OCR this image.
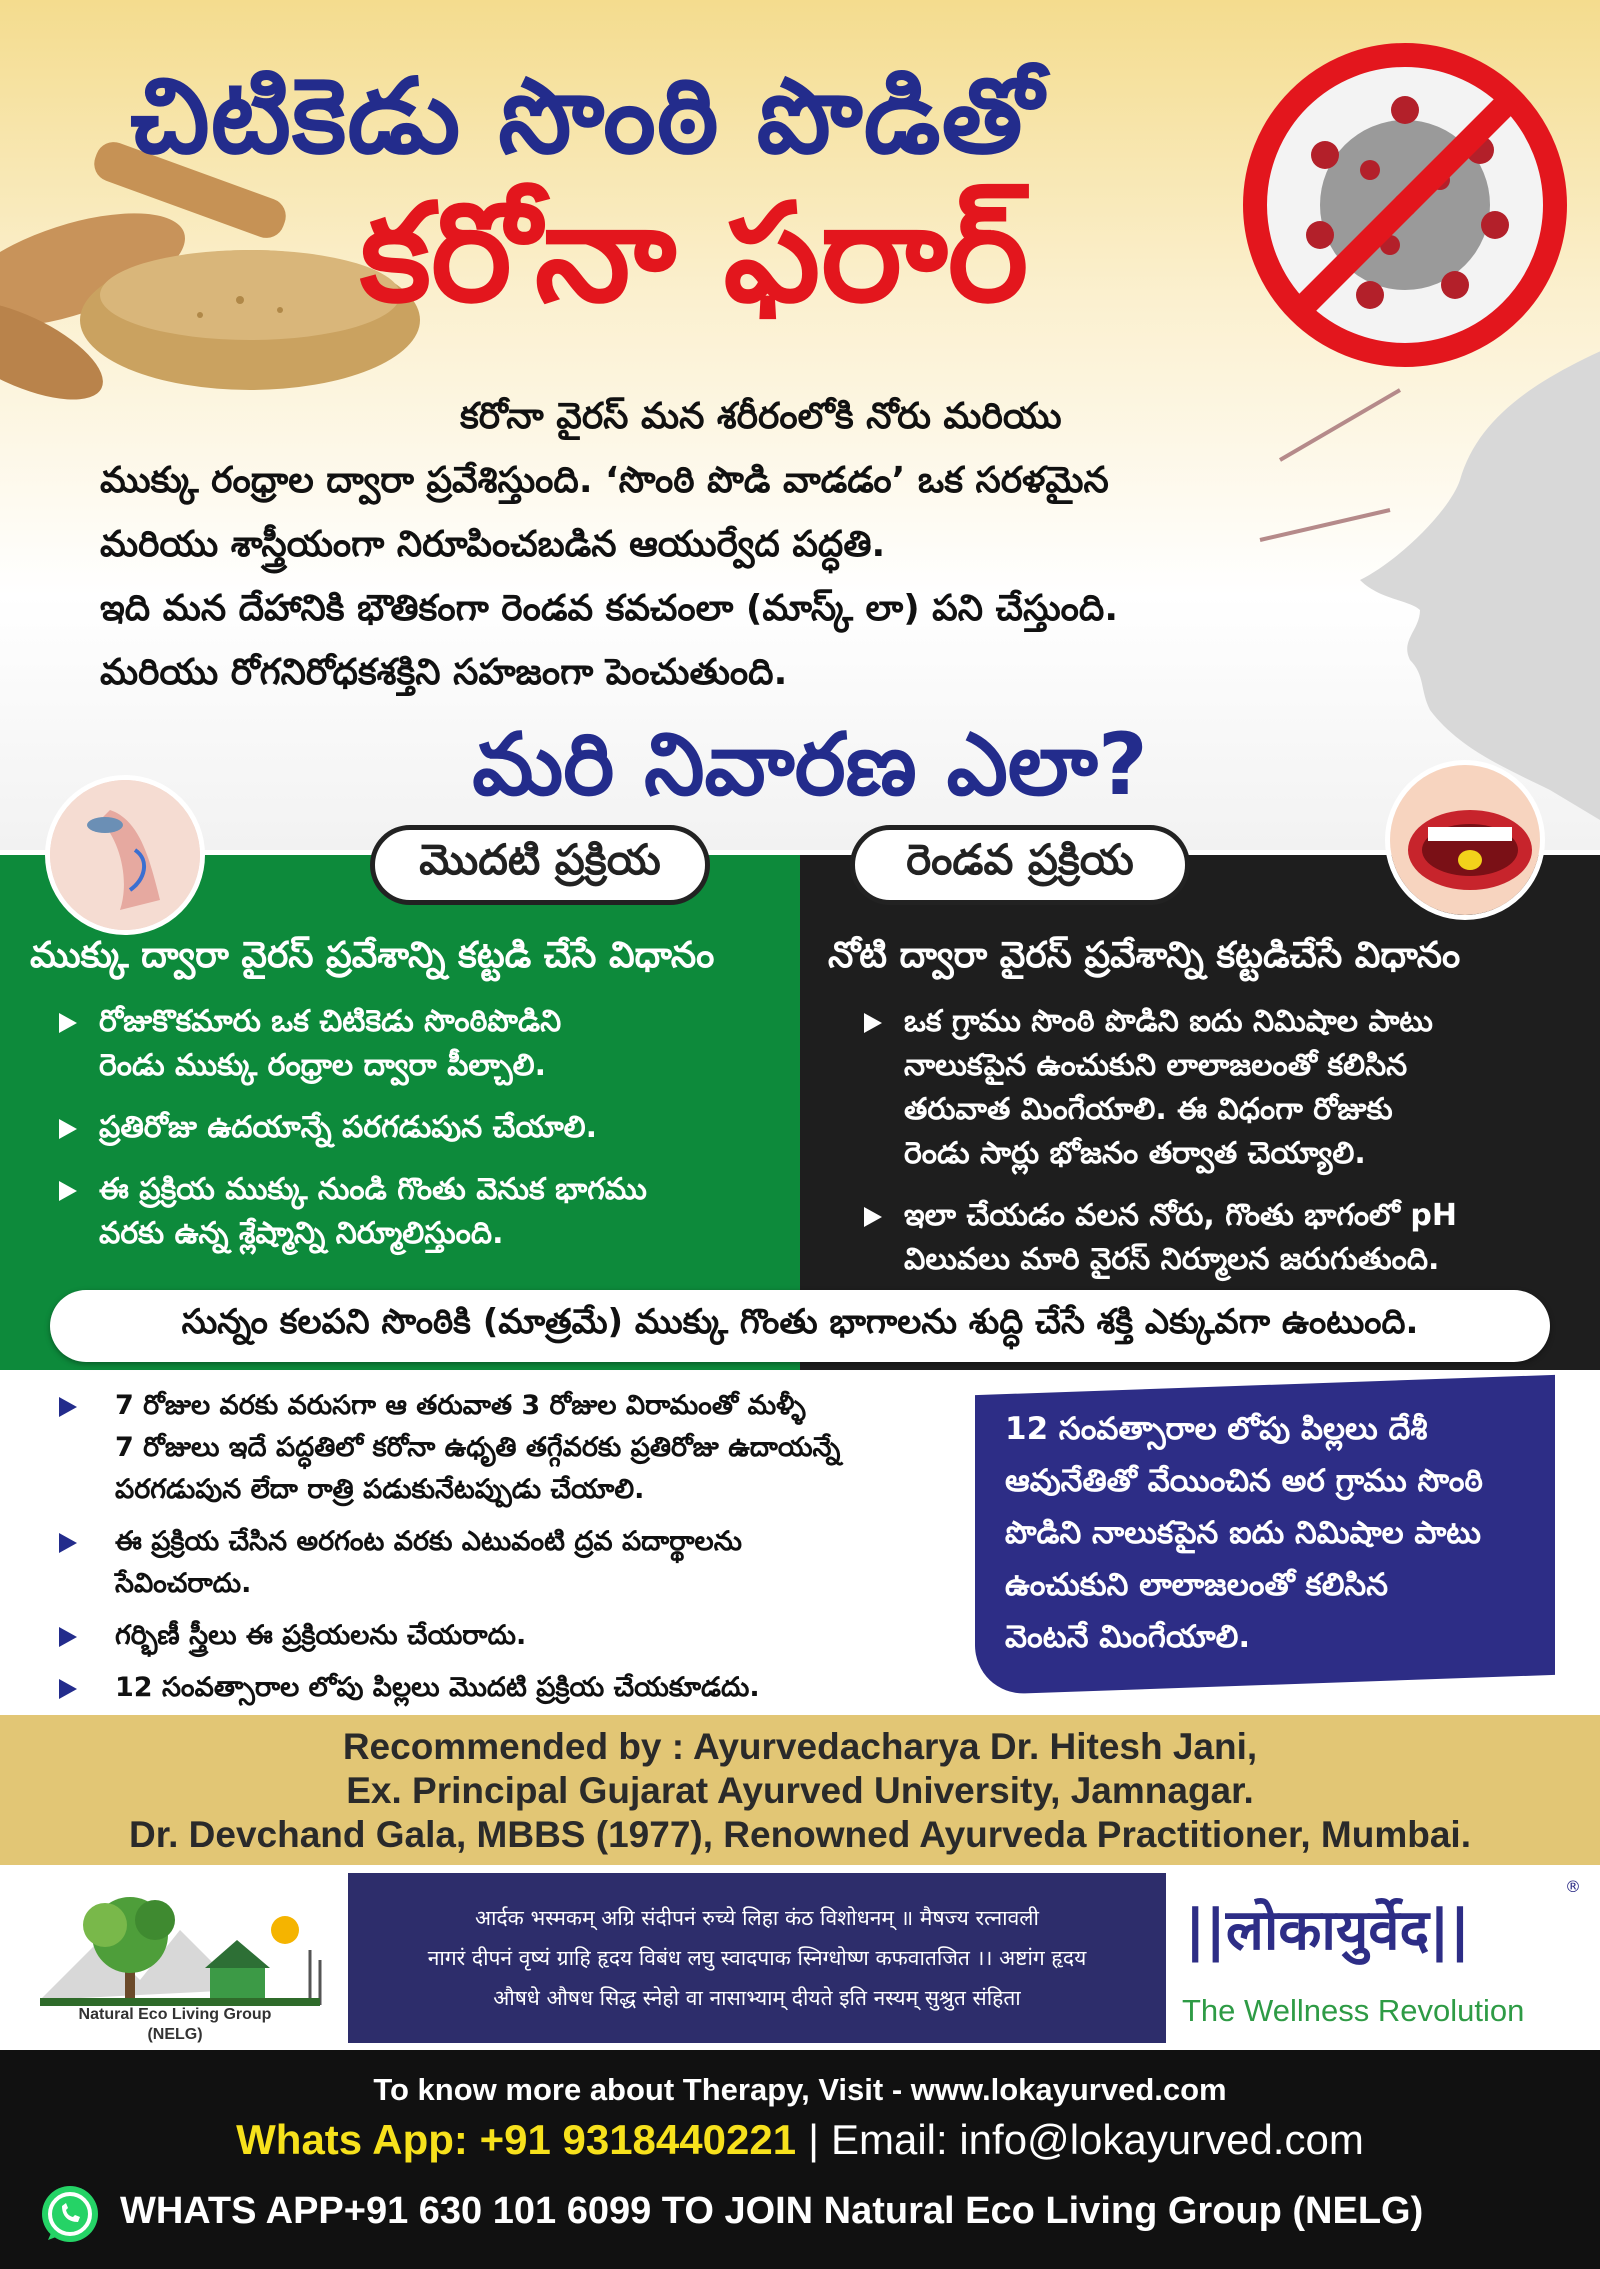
చిటికెడు సొంఠి పొడితో
కరోనా ఫరార్

కరోనా వైరస్ మన శరీరంలోకి నోరు మరియు

ముక్కు రంధ్రాల ద్వారా ప్రవేశిస్తుంది. ‘సొంఠి పొడి వాడడం’ ఒక సరళమైన

మరియు శాస్త్రీయంగా నిరూపించబడిన ఆయుర్వేద పద్ధతి.

ఇది మన దేహానికి భౌతికంగా రెండవ కవచంలా (మాస్క్ లా) పని చేస్తుంది.

మరియు రోగనిరోధకశక్తిని సహజంగా పెంచుతుంది.

మరి నివారణ ఎలా?
మొదటి ప్రక్రియ	రెండవ ప్రక్రియ
ముక్కు ద్వారా వైరస్ ప్రవేశాన్ని కట్టడి చేసే విధానం	నోటి ద్వారా వైరస్ ప్రవేశాన్ని కట్టడిచేసే విధానం
రోజుకొకమారు ఒక చిటికెడు సొంఠిపొడిని
రెండు ముక్కు రంధ్రాల ద్వారా పీల్చాలి.
ప్రతిరోజు ఉదయాన్నే పరగడుపున చేయాలి.
ఈ ప్రక్రియ ముక్కు నుండి గొంతు వెనుక భాగము
వరకు ఉన్న శ్లేష్మాన్ని నిర్మూలిస్తుంది.
ఒక గ్రాము సొంఠి పొడిని ఐదు నిమిషాల పాటు
నాలుకపైన ఉంచుకుని లాలాజలంతో కలిసిన
తరువాత మింగేయాలి. ఈ విధంగా రోజుకు
రెండు సార్లు భోజనం తర్వాత చెయ్యాలి.
ఇలా చేయడం వలన నోరు, గొంతు భాగంలో pH
విలువలు మారి వైరస్ నిర్మూలన జరుగుతుంది.
సున్నం కలపని సొంఠికి (మాత్రమే) ముక్కు గొంతు భాగాలను శుద్ధి చేసే శక్తి ఎక్కువగా ఉంటుంది.
7 రోజుల వరకు వరుసగా ఆ తరువాత 3 రోజుల విరామంతో మళ్ళీ
7 రోజులు ఇదే పద్ధతిలో కరోనా ఉధృతి తగ్గేవరకు ప్రతిరోజు ఉదాయన్నే
పరగడుపున లేదా రాత్రి పడుకునేటప్పుడు చేయాలి.
ఈ ప్రక్రియ చేసిన అరగంట వరకు ఎటువంటి ద్రవ పదార్థాలను
సేవించరాదు.
గర్భిణీ స్త్రీలు ఈ ప్రక్రియలను చేయరాదు.
12 సంవత్సారాల లోపు పిల్లలు మొదటి ప్రక్రియ చేయకూడదు.

12 సంవత్సారాల లోపు పిల్లలు దేశీ

ఆవునేతితో వేయించిన అర గ్రాము సొంఠి

పొడిని నాలుకపైన ఐదు నిమిషాల పాటు

ఉంచుకుని లాలాజలంతో కలిసిన

వెంటనే మింగేయాలి.

Recommended by : Ayurvedacharya Dr. Hitesh Jani,

Ex. Principal Gujarat Ayurved University, Jamnagar.

Dr. Devchand Gala, MBBS (1977), Renowned Ayurveda Practitioner, Mumbai.

Natural Eco Living Group
(NELG)

आर्दक भस्मकम् अग्रि संदीपनं रुच्ये लिहा कंठ विशोधनम् ॥ मैषज्य रत्नावली

नागरं दीपनं वृष्यं ग्राहि हृदय विबंध लघु स्वादपाक स्निग्धोष्ण कफवातजित ।। अष्टांग हृदय

औषधे औषध सिद्ध स्नेहो वा नासाभ्याम् दीयते इति नस्यम् सुश्रुत संहिता

||लोकायुर्वेद||
®
The Wellness Revolution
To know more about Therapy, Visit - www.lokayurved.com
Whats App: +91 9318440221 | Email: info@lokayurved.com
WHATS APP+91 630 101 6099 TO JOIN Natural Eco Living Group (NELG)
